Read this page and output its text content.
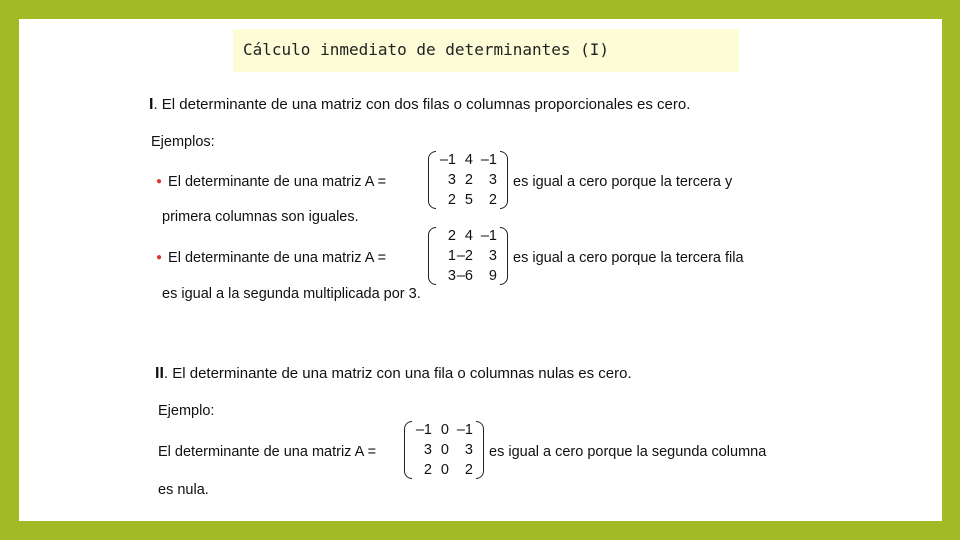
Cálculo inmediato de determinantes (I)
I. El determinante de una matriz con dos filas o columnas proporcionales es cero.
Ejemplos:
● El determinante de una matriz A =
–1 4 –1
3 2 3
2 5 2
es igual a cero porque la tercera y
primera columnas son iguales.
● El determinante de una matriz A =
2 4 –1
1 –2 3
3 –6 9
es igual a cero porque la tercera fila
es igual a la segunda multiplicada por 3.
II. El determinante de una matriz con una fila o columnas nulas es cero.
Ejemplo:
El determinante de una matriz A =
–1 0 –1
3 0 3
2 0 2
es igual a cero porque la segunda columna
es nula.
